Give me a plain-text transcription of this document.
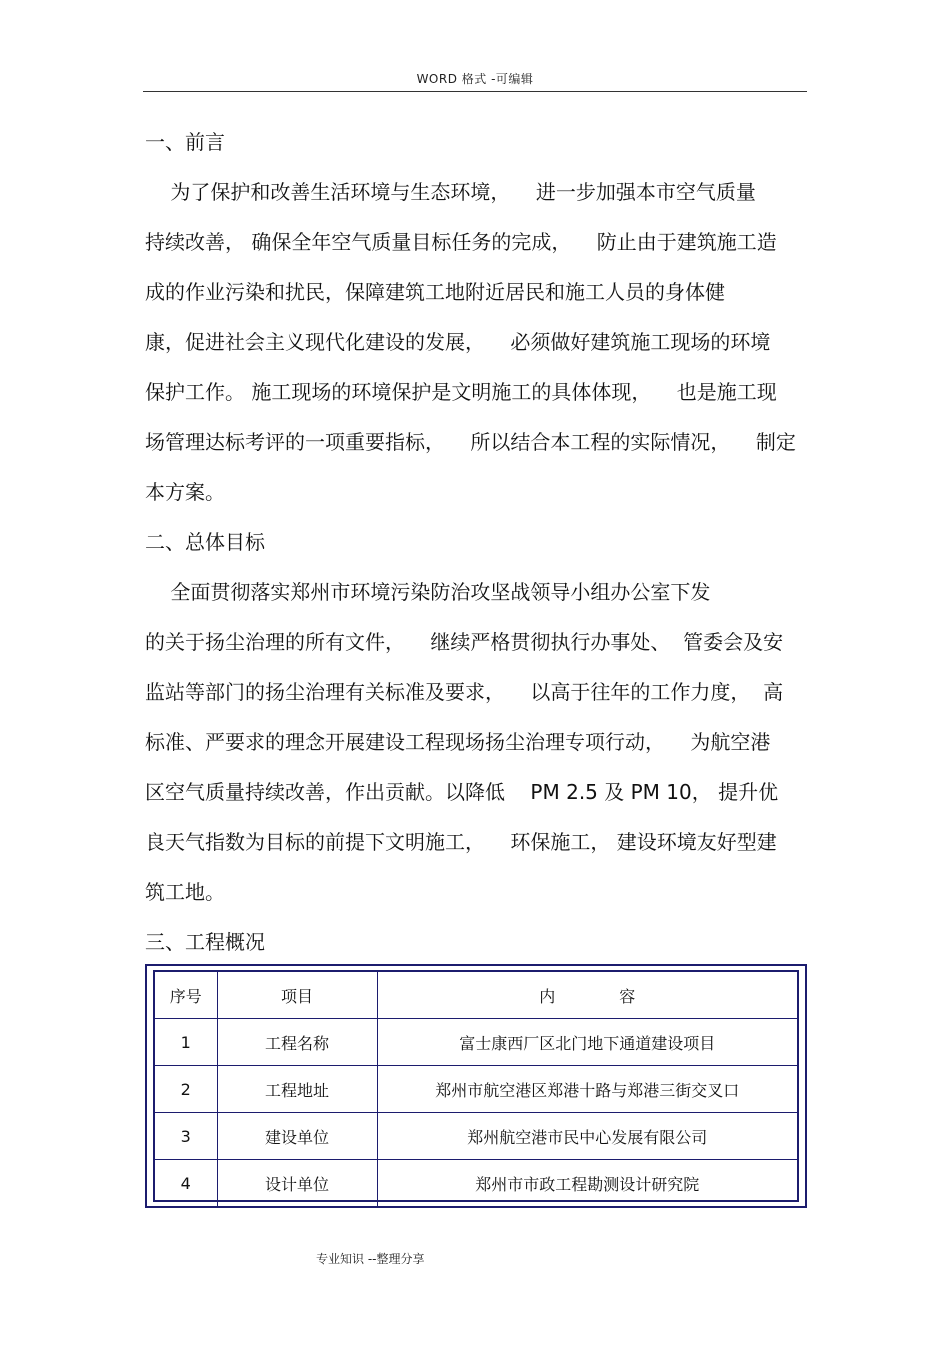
WORD 格式 -可编辑
一、前言
为了保护和改善生活环境与生态环境，    进一步加强本市空气质量
持续改善， 确保全年空气质量目标任务的完成，    防止由于建筑施工造
成的作业污染和扰民，保障建筑工地附近居民和施工人员的身体健
康，促进社会主义现代化建设的发展，    必须做好建筑施工现场的环境
保护工作。 施工现场的环境保护是文明施工的具体体现，    也是施工现
场管理达标考评的一项重要指标，    所以结合本工程的实际情况，    制定
本方案。
二、总体目标
全面贯彻落实郑州市环境污染防治攻坚战领导小组办公室下发
的关于扬尘治理的所有文件，    继续严格贯彻执行办事处、  管委会及安
监站等部门的扬尘治理有关标准及要求，    以高于往年的工作力度，  高
标准、严要求的理念开展建设工程现场扬尘治理专项行动，    为航空港
区空气质量持续改善，作出贡献。以降低    PM 2.5 及 PM 10， 提升优
良天气指数为目标的前提下文明施工，    环保施工， 建设环境友好型建
筑工地。
三、工程概况
序号	项目	内　　　　容
1	工程名称	富士康西厂区北门地下通道建设项目
2	工程地址	郑州市航空港区郑港十路与郑港三街交叉口
3	建设单位	郑州航空港市民中心发展有限公司
4	设计单位	郑州市市政工程勘测设计研究院
专业知识 --整理分享
